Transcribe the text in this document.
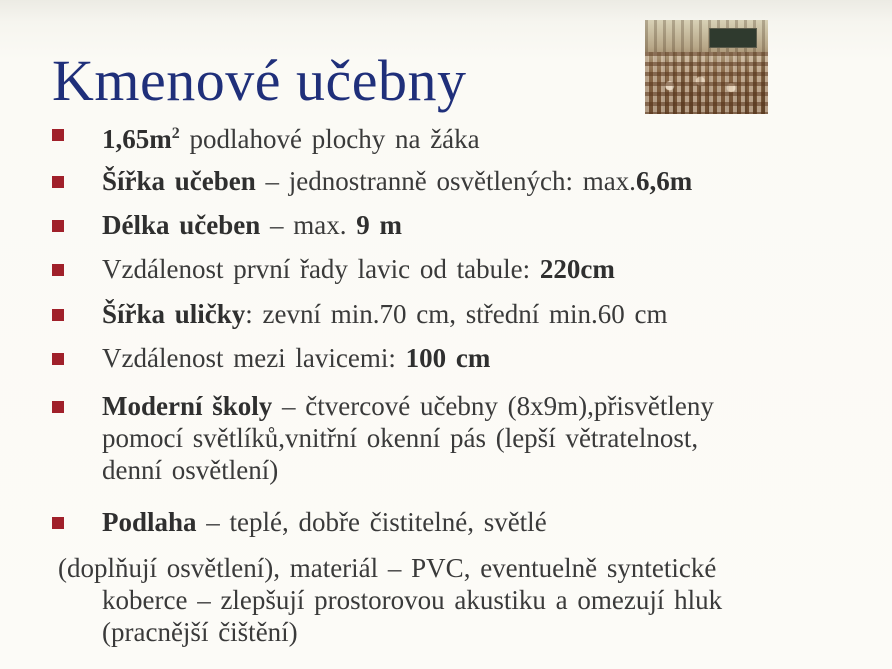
Kmenové učebny
$1,65m^2$ podlahové plochy na žáka
Šířka učeben – jednostranně osvětlených: max.6,6m
Délka učeben – max. 9 m
Vzdálenost první řady lavic od tabule: 220cm
Šířka uličky: zevní min.70 cm, střední min.60 cm
Vzdálenost mezi lavicemi: 100 cm
Moderní školy – čtvercové učebny (8x9m),přisvětleny
pomocí světlíků,vnitřní okenní pás (lepší větratelnost,
denní osvětlení)
Podlaha – teplé, dobře čistitelné, světlé
(doplňují osvětlení), materiál – PVC, eventuelně syntetické
koberce – zlepšují prostorovou akustiku a omezují hluk
(pracnější čištění)
